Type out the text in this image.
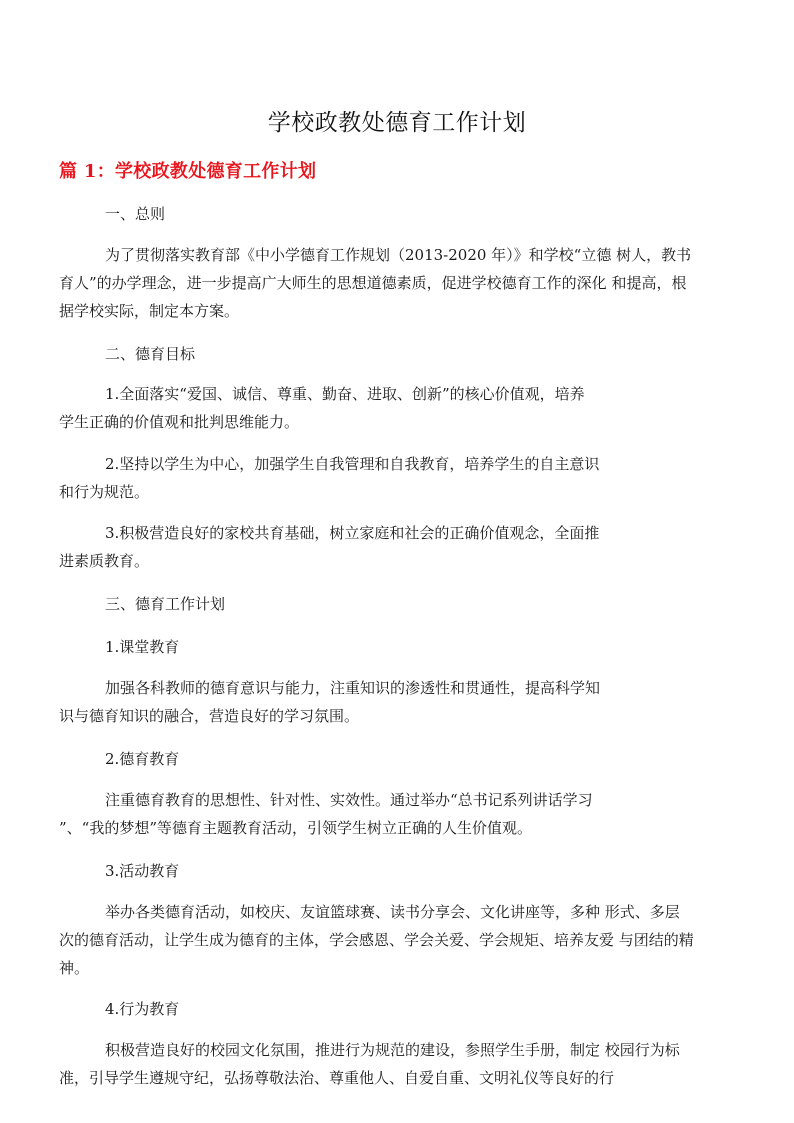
学校政教处德育工作计划
篇 1：学校政教处德育工作计划
一、总则
为了贯彻落实教育部《中小学德育工作规划（2013-2020 年）》和学校“立德 树人，教书
育人”的办学理念，进一步提高广大师生的思想道德素质，促进学校德育工作的深化 和提高，根
据学校实际，制定本方案。
二、德育目标
1.全面落实“爱国、诚信、尊重、勤奋、进取、创新”的核心价值观，培养
学生正确的价值观和批判思维能力。
2.坚持以学生为中心，加强学生自我管理和自我教育，培养学生的自主意识
和行为规范。
3.积极营造良好的家校共育基础，树立家庭和社会的正确价值观念，全面推
进素质教育。
三、德育工作计划
1.课堂教育
加强各科教师的德育意识与能力，注重知识的渗透性和贯通性，提高科学知
识与德育知识的融合，营造良好的学习氛围。
2.德育教育
注重德育教育的思想性、针对性、实效性。通过举办“总书记系列讲话学习
”、“我的梦想”等德育主题教育活动，引领学生树立正确的人生价值观。
3.活动教育
举办各类德育活动，如校庆、友谊篮球赛、读书分享会、文化讲座等，多种 形式、多层
次的德育活动，让学生成为德育的主体，学会感恩、学会关爱、学会规矩、培养友爱 与团结的精
神。
4.行为教育
积极营造良好的校园文化氛围，推进行为规范的建设，参照学生手册，制定 校园行为标
准，引导学生遵规守纪，弘扬尊敬法治、尊重他人、自爱自重、文明礼仪等良好的行
